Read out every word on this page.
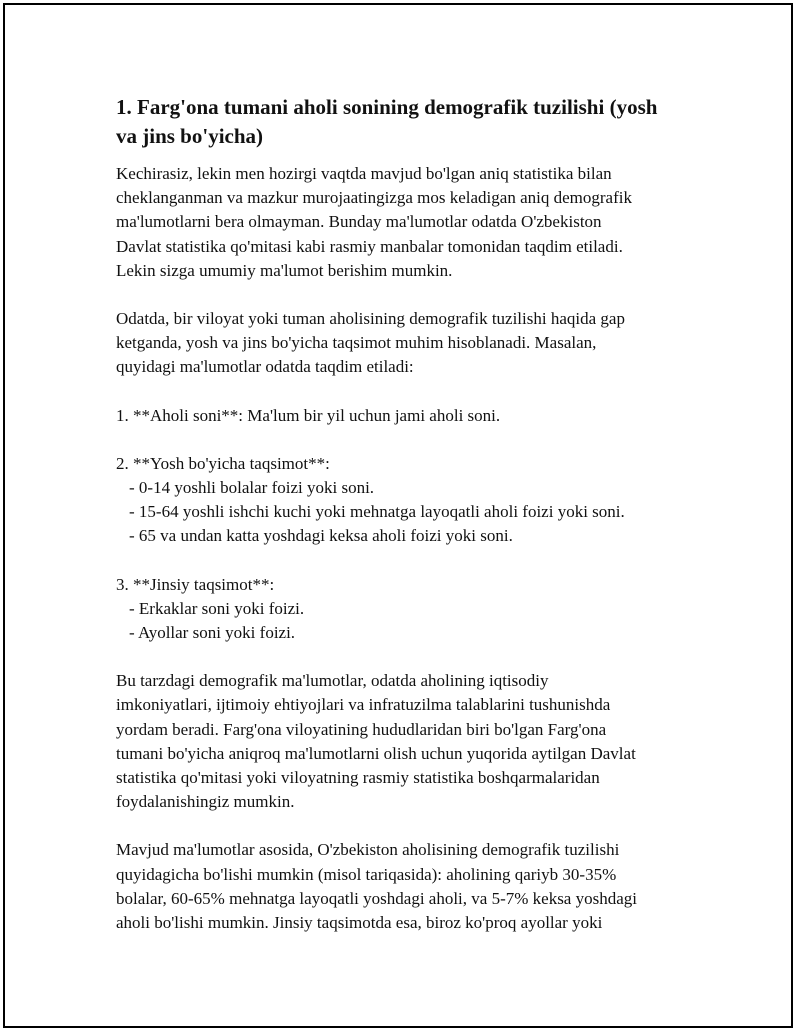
1. Farg'ona tumani aholi sonining demografik tuzilishi (yosh
va jins bo'yicha)
Kechirasiz, lekin men hozirgi vaqtda mavjud bo'lgan aniq statistika bilan
cheklanganman va mazkur murojaatingizga mos keladigan aniq demografik
ma'lumotlarni bera olmayman. Bunday ma'lumotlar odatda O'zbekiston
Davlat statistika qo'mitasi kabi rasmiy manbalar tomonidan taqdim etiladi.
Lekin sizga umumiy ma'lumot berishim mumkin.
Odatda, bir viloyat yoki tuman aholisining demografik tuzilishi haqida gap
ketganda, yosh va jins bo'yicha taqsimot muhim hisoblanadi. Masalan,
quyidagi ma'lumotlar odatda taqdim etiladi:
1. **Aholi soni**: Ma'lum bir yil uchun jami aholi soni.
2. **Yosh bo'yicha taqsimot**:
- 0-14 yoshli bolalar foizi yoki soni.
- 15-64 yoshli ishchi kuchi yoki mehnatga layoqatli aholi foizi yoki soni.
- 65 va undan katta yoshdagi keksa aholi foizi yoki soni.
3. **Jinsiy taqsimot**:
- Erkaklar soni yoki foizi.
- Ayollar soni yoki foizi.
Bu tarzdagi demografik ma'lumotlar, odatda aholining iqtisodiy
imkoniyatlari, ijtimoiy ehtiyojlari va infratuzilma talablarini tushunishda
yordam beradi. Farg'ona viloyatining hududlaridan biri bo'lgan Farg'ona
tumani bo'yicha aniqroq ma'lumotlarni olish uchun yuqorida aytilgan Davlat
statistika qo'mitasi yoki viloyatning rasmiy statistika boshqarmalaridan
foydalanishingiz mumkin.
Mavjud ma'lumotlar asosida, O'zbekiston aholisining demografik tuzilishi
quyidagicha bo'lishi mumkin (misol tariqasida): aholining qariyb 30-35%
bolalar, 60-65% mehnatga layoqatli yoshdagi aholi, va 5-7% keksa yoshdagi
aholi bo'lishi mumkin. Jinsiy taqsimotda esa, biroz ko'proq ayollar yoki
